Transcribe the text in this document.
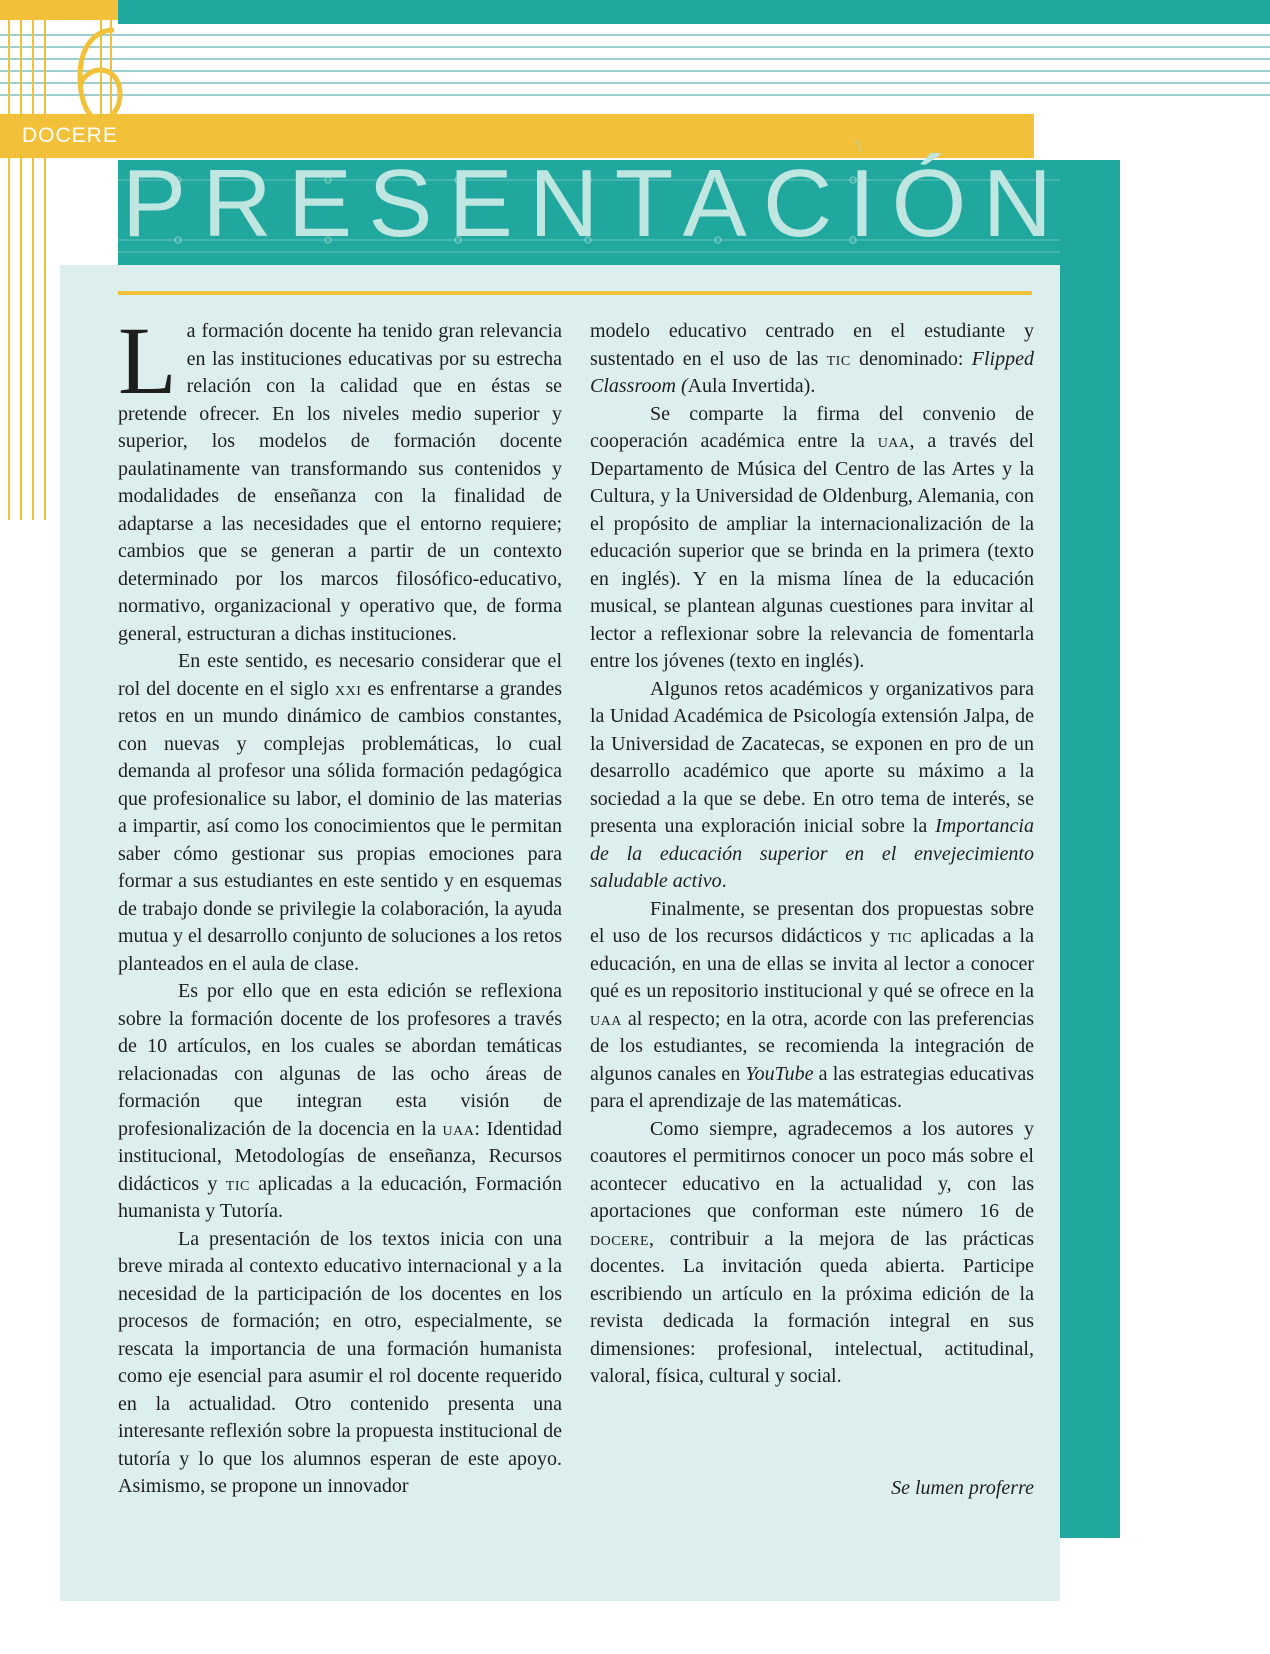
DOCERE
PRESENTACIÓN

La formación docente ha tenido gran relevancia en las instituciones educativas por su estrecha relación con la calidad que en éstas se pretende ofrecer. En los niveles medio superior y superior, los modelos de formación docente paulatinamente van transformando sus contenidos y modalidades de enseñanza con la finalidad de adaptarse a las necesidades que el entorno requiere; cambios que se generan a partir de un contexto determinado por los marcos filosófico-educativo, normativo, organizacional y operativo que, de forma general, estructuran a dichas instituciones.

En este sentido, es necesario considerar que el rol del docente en el siglo xxi es enfrentarse a grandes retos en un mundo dinámico de cambios constantes, con nuevas y complejas problemáticas, lo cual demanda al profesor una sólida formación pedagógica que profesionalice su labor, el dominio de las materias a impartir, así como los conocimientos que le permitan saber cómo gestionar sus propias emociones para formar a sus estudiantes en este sentido y en esquemas de trabajo donde se privilegie la colaboración, la ayuda mutua y el desarrollo conjunto de soluciones a los retos planteados en el aula de clase.

Es por ello que en esta edición se reflexiona sobre la formación docente de los profesores a través de 10 artículos, en los cuales se abordan temáticas relacionadas con algunas de las ocho áreas de formación que integran esta visión de profesionalización de la docencia en la uaa: Identidad institucional, Metodologías de enseñanza, Recursos didácticos y tic aplicadas a la educación, Formación humanista y Tutoría.

La presentación de los textos inicia con una breve mirada al contexto educativo internacional y a la necesidad de la participación de los docentes en los procesos de formación; en otro, especialmente, se rescata la importancia de una formación humanista como eje esencial para asumir el rol docente requerido en la actualidad. Otro contenido presenta una interesante reflexión sobre la propuesta institucional de tutoría y lo que los alumnos esperan de este apoyo. Asimismo, se propone un innovador

modelo educativo centrado en el estudiante y sustentado en el uso de las tic denominado: Flipped Classroom (Aula Invertida).

Se comparte la firma del convenio de cooperación académica entre la uaa, a través del Departamento de Música del Centro de las Artes y la Cultura, y la Universidad de Oldenburg, Alemania, con el propósito de ampliar la internacionalización de la educación superior que se brinda en la primera (texto en inglés). Y en la misma línea de la educación musical, se plantean algunas cuestiones para invitar al lector a reflexionar sobre la relevancia de fomentarla entre los jóvenes (texto en inglés).

Algunos retos académicos y organizativos para la Unidad Académica de Psicología extensión Jalpa, de la Universidad de Zacatecas, se exponen en pro de un desarrollo académico que aporte su máximo a la sociedad a la que se debe. En otro tema de interés, se presenta una exploración inicial sobre la Importancia de la educación superior en el envejecimiento saludable activo.

Finalmente, se presentan dos propuestas sobre el uso de los recursos didácticos y tic aplicadas a la educación, en una de ellas se invita al lector a conocer qué es un repositorio institucional y qué se ofrece en la uaa al respecto; en la otra, acorde con las preferencias de los estudiantes, se recomienda la integración de algunos canales en YouTube a las estrategias educativas para el aprendizaje de las matemáticas.

Como siempre, agradecemos a los autores y coautores el permitirnos conocer un poco más sobre el acontecer educativo en la actualidad y, con las aportaciones que conforman este número 16 de docere, contribuir a la mejora de las prácticas docentes. La invitación queda abierta. Participe escribiendo un artículo en la próxima edición de la revista dedicada la formación integral en sus dimensiones: profesional, intelectual, actitudinal, valoral, física, cultural y social.

Se lumen proferre
